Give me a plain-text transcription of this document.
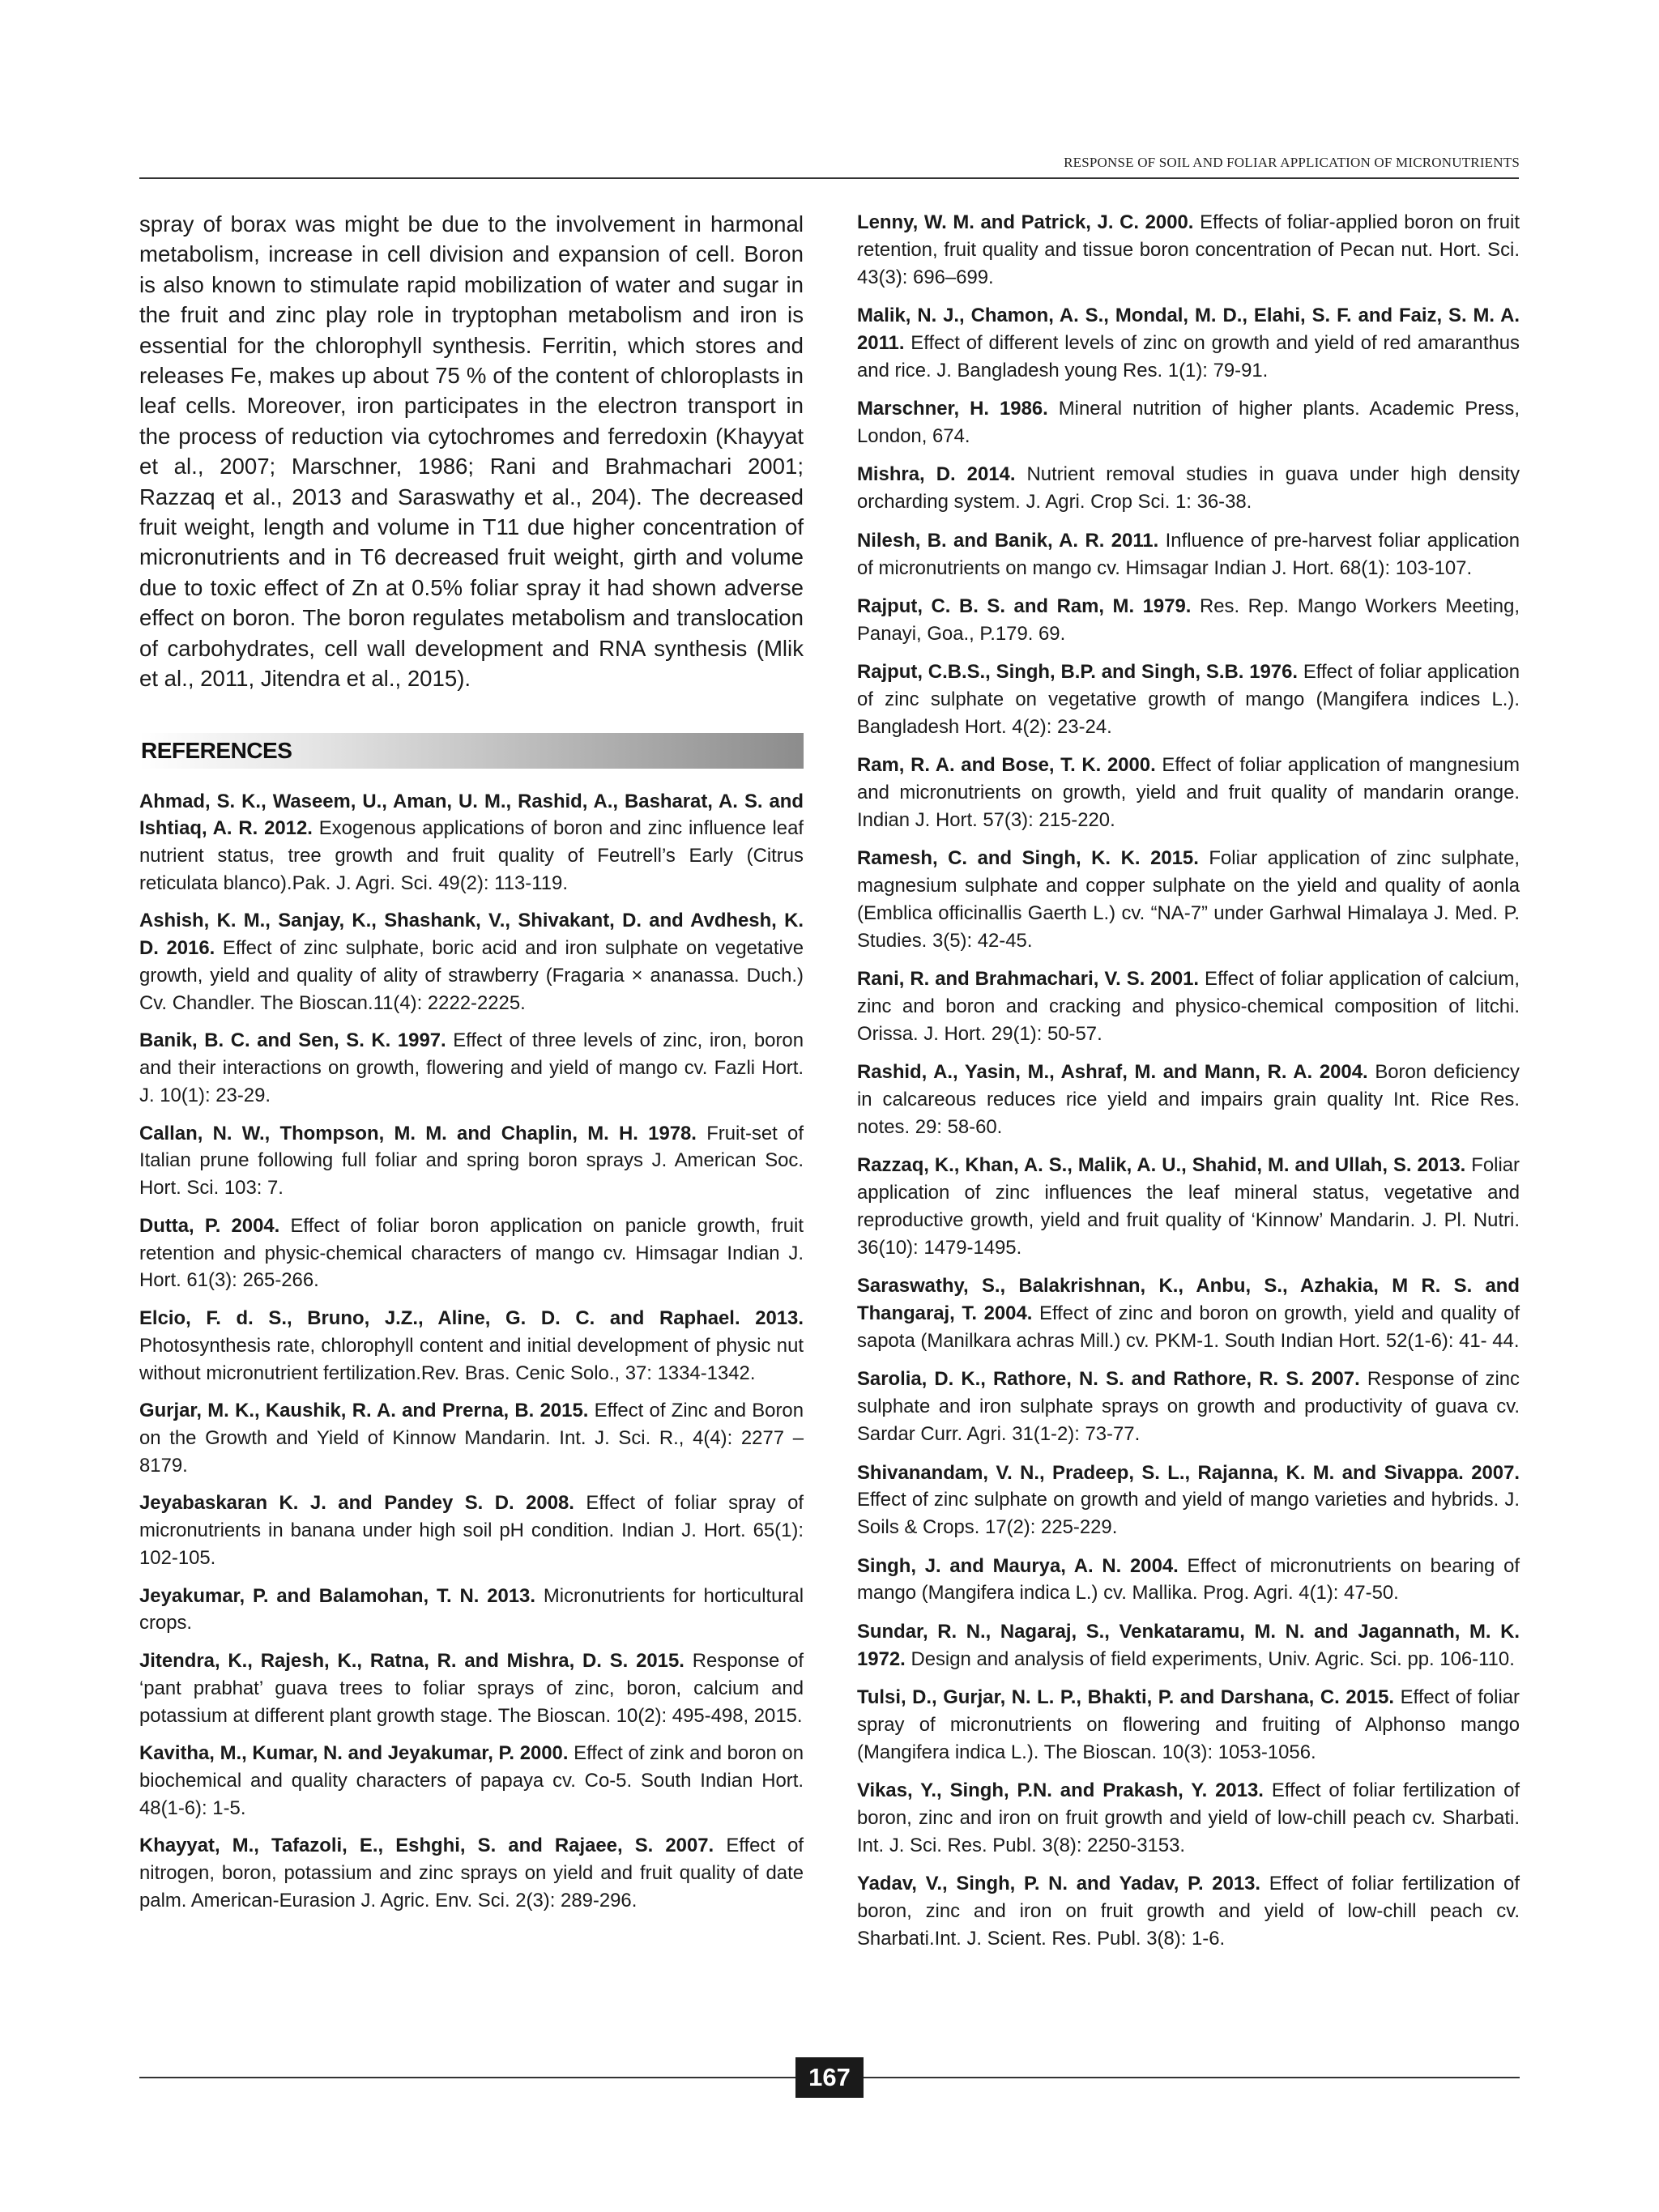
RESPONSE OF SOIL AND FOLIAR APPLICATION OF MICRONUTRIENTS

spray of borax was might be due to the involvement in harmonal metabolism, increase in cell division and expansion of cell. Boron is also known to stimulate rapid mobilization of water and sugar in the fruit and zinc play role in tryptophan metabolism and iron is essential for the chlorophyll synthesis. Ferritin, which stores and releases Fe, makes up about 75 % of the content of chloroplasts in leaf cells. Moreover, iron participates in the electron transport in the process of reduction via cytochromes and ferredoxin (Khayyat et al., 2007; Marschner, 1986; Rani and Brahmachari 2001; Razzaq et al., 2013 and Saraswathy et al., 204). The decreased fruit weight, length and volume in T11 due higher concentration of micronutrients and in T6 decreased fruit weight, girth and volume due to toxic effect of Zn at 0.5% foliar spray it had shown adverse effect on boron. The boron regulates metabolism and translocation of carbohydrates, cell wall development and RNA synthesis (Mlik et al., 2011, Jitendra et al., 2015).

REFERENCES

Ahmad, S. K., Waseem, U., Aman, U. M., Rashid, A., Basharat, A. S. and Ishtiaq, A. R. 2012. Exogenous applications of boron and zinc influence leaf nutrient status, tree growth and fruit quality of Feutrell’s Early (Citrus reticulata blanco).Pak. J. Agri. Sci. 49(2): 113-119.

Ashish, K. M., Sanjay, K., Shashank, V., Shivakant, D. and Avdhesh, K. D. 2016. Effect of zinc sulphate, boric acid and iron sulphate on vegetative growth, yield and quality of ality of strawberry (Fragaria × ananassa. Duch.) Cv. Chandler. The Bioscan.11(4): 2222-2225.

Banik, B. C. and Sen, S. K. 1997. Effect of three levels of zinc, iron, boron and their interactions on growth, flowering and yield of mango cv. Fazli Hort. J. 10(1): 23-29.

Callan, N. W., Thompson, M. M. and Chaplin, M. H. 1978. Fruit-set of Italian prune following full foliar and spring boron sprays J. American Soc. Hort. Sci. 103: 7.

Dutta, P. 2004. Effect of foliar boron application on panicle growth, fruit retention and physic-chemical characters of mango cv. Himsagar Indian J. Hort. 61(3): 265-266.

Elcio, F. d. S., Bruno, J.Z., Aline, G. D. C. and Raphael. 2013. Photosynthesis rate, chlorophyll content and initial development of physic nut without micronutrient fertilization.Rev. Bras. Cenic Solo., 37: 1334-1342.

Gurjar, M. K., Kaushik, R. A. and Prerna, B. 2015. Effect of Zinc and Boron on the Growth and Yield of Kinnow Mandarin. Int. J. Sci. R., 4(4): 2277 – 8179.

Jeyabaskaran K. J. and Pandey S. D. 2008. Effect of foliar spray of micronutrients in banana under high soil pH condition. Indian J. Hort. 65(1): 102-105.

Jeyakumar, P. and Balamohan, T. N. 2013. Micronutrients for horticultural crops.

Jitendra, K., Rajesh, K., Ratna, R. and Mishra, D. S. 2015. Response of ‘pant prabhat’ guava trees to foliar sprays of zinc, boron, calcium and potassium at different plant growth stage. The Bioscan. 10(2): 495-498, 2015.

Kavitha, M., Kumar, N. and Jeyakumar, P. 2000. Effect of zink and boron on biochemical and quality characters of papaya cv. Co-5. South Indian Hort. 48(1-6): 1-5.

Khayyat, M., Tafazoli, E., Eshghi, S. and Rajaee, S. 2007. Effect of nitrogen, boron, potassium and zinc sprays on yield and fruit quality of date palm. American-Eurasion J. Agric. Env. Sci. 2(3): 289-296.

Lenny, W. M. and Patrick, J. C. 2000. Effects of foliar-applied boron on fruit retention, fruit quality and tissue boron concentration of Pecan nut. Hort. Sci. 43(3): 696–699.

Malik, N. J., Chamon, A. S., Mondal, M. D., Elahi, S. F. and Faiz, S. M. A. 2011. Effect of different levels of zinc on growth and yield of red amaranthus and rice. J. Bangladesh young Res. 1(1): 79-91.

Marschner, H. 1986. Mineral nutrition of higher plants. Academic Press, London, 674.

Mishra, D. 2014. Nutrient removal studies in guava under high density orcharding system. J. Agri. Crop Sci. 1: 36-38.

Nilesh, B. and Banik, A. R. 2011. Influence of pre-harvest foliar application of micronutrients on mango cv. Himsagar Indian J. Hort. 68(1): 103-107.

Rajput, C. B. S. and Ram, M. 1979. Res. Rep. Mango Workers Meeting, Panayi, Goa., P.179. 69.

Rajput, C.B.S., Singh, B.P. and Singh, S.B. 1976. Effect of foliar application of zinc sulphate on vegetative growth of mango (Mangifera indices L.). Bangladesh Hort. 4(2): 23-24.

Ram, R. A. and Bose, T. K. 2000. Effect of foliar application of mangnesium and micronutrients on growth, yield and fruit quality of mandarin orange. Indian J. Hort. 57(3): 215-220.

Ramesh, C. and Singh, K. K. 2015. Foliar application of zinc sulphate, magnesium sulphate and copper sulphate on the yield and quality of aonla (Emblica officinallis Gaerth L.) cv. “NA-7” under Garhwal Himalaya J. Med. P. Studies. 3(5): 42-45.

Rani, R. and Brahmachari, V. S. 2001. Effect of foliar application of calcium, zinc and boron and cracking and physico-chemical composition of litchi. Orissa. J. Hort. 29(1): 50-57.

Rashid, A., Yasin, M., Ashraf, M. and Mann, R. A. 2004. Boron deficiency in calcareous reduces rice yield and impairs grain quality Int. Rice Res. notes. 29: 58-60.

Razzaq, K., Khan, A. S., Malik, A. U., Shahid, M. and Ullah, S. 2013. Foliar application of zinc influences the leaf mineral status, vegetative and reproductive growth, yield and fruit quality of ‘Kinnow’ Mandarin. J. Pl. Nutri. 36(10): 1479-1495.

Saraswathy, S., Balakrishnan, K., Anbu, S., Azhakia, M R. S. and Thangaraj, T. 2004. Effect of zinc and boron on growth, yield and quality of sapota (Manilkara achras Mill.) cv. PKM-1. South Indian Hort. 52(1-6): 41- 44.

Sarolia, D. K., Rathore, N. S. and Rathore, R. S. 2007. Response of zinc sulphate and iron sulphate sprays on growth and productivity of guava cv. Sardar Curr. Agri. 31(1-2): 73-77.

Shivanandam, V. N., Pradeep, S. L., Rajanna, K. M. and Sivappa. 2007. Effect of zinc sulphate on growth and yield of mango varieties and hybrids. J. Soils & Crops. 17(2): 225-229.

Singh, J. and Maurya, A. N. 2004. Effect of micronutrients on bearing of mango (Mangifera indica L.) cv. Mallika. Prog. Agri. 4(1): 47-50.

Sundar, R. N., Nagaraj, S., Venkataramu, M. N. and Jagannath, M. K. 1972. Design and analysis of field experiments, Univ. Agric. Sci. pp. 106-110.

Tulsi, D., Gurjar, N. L. P., Bhakti, P. and Darshana, C. 2015. Effect of foliar spray of micronutrients on flowering and fruiting of Alphonso mango (Mangifera indica L.). The Bioscan. 10(3): 1053-1056.

Vikas, Y., Singh, P.N. and Prakash, Y. 2013. Effect of foliar fertilization of boron, zinc and iron on fruit growth and yield of low-chill peach cv. Sharbati. Int. J. Sci. Res. Publ. 3(8): 2250-3153.

Yadav, V., Singh, P. N. and Yadav, P. 2013. Effect of foliar fertilization of boron, zinc and iron on fruit growth and yield of low-chill peach cv. Sharbati.Int. J. Scient. Res. Publ. 3(8): 1-6.

167
